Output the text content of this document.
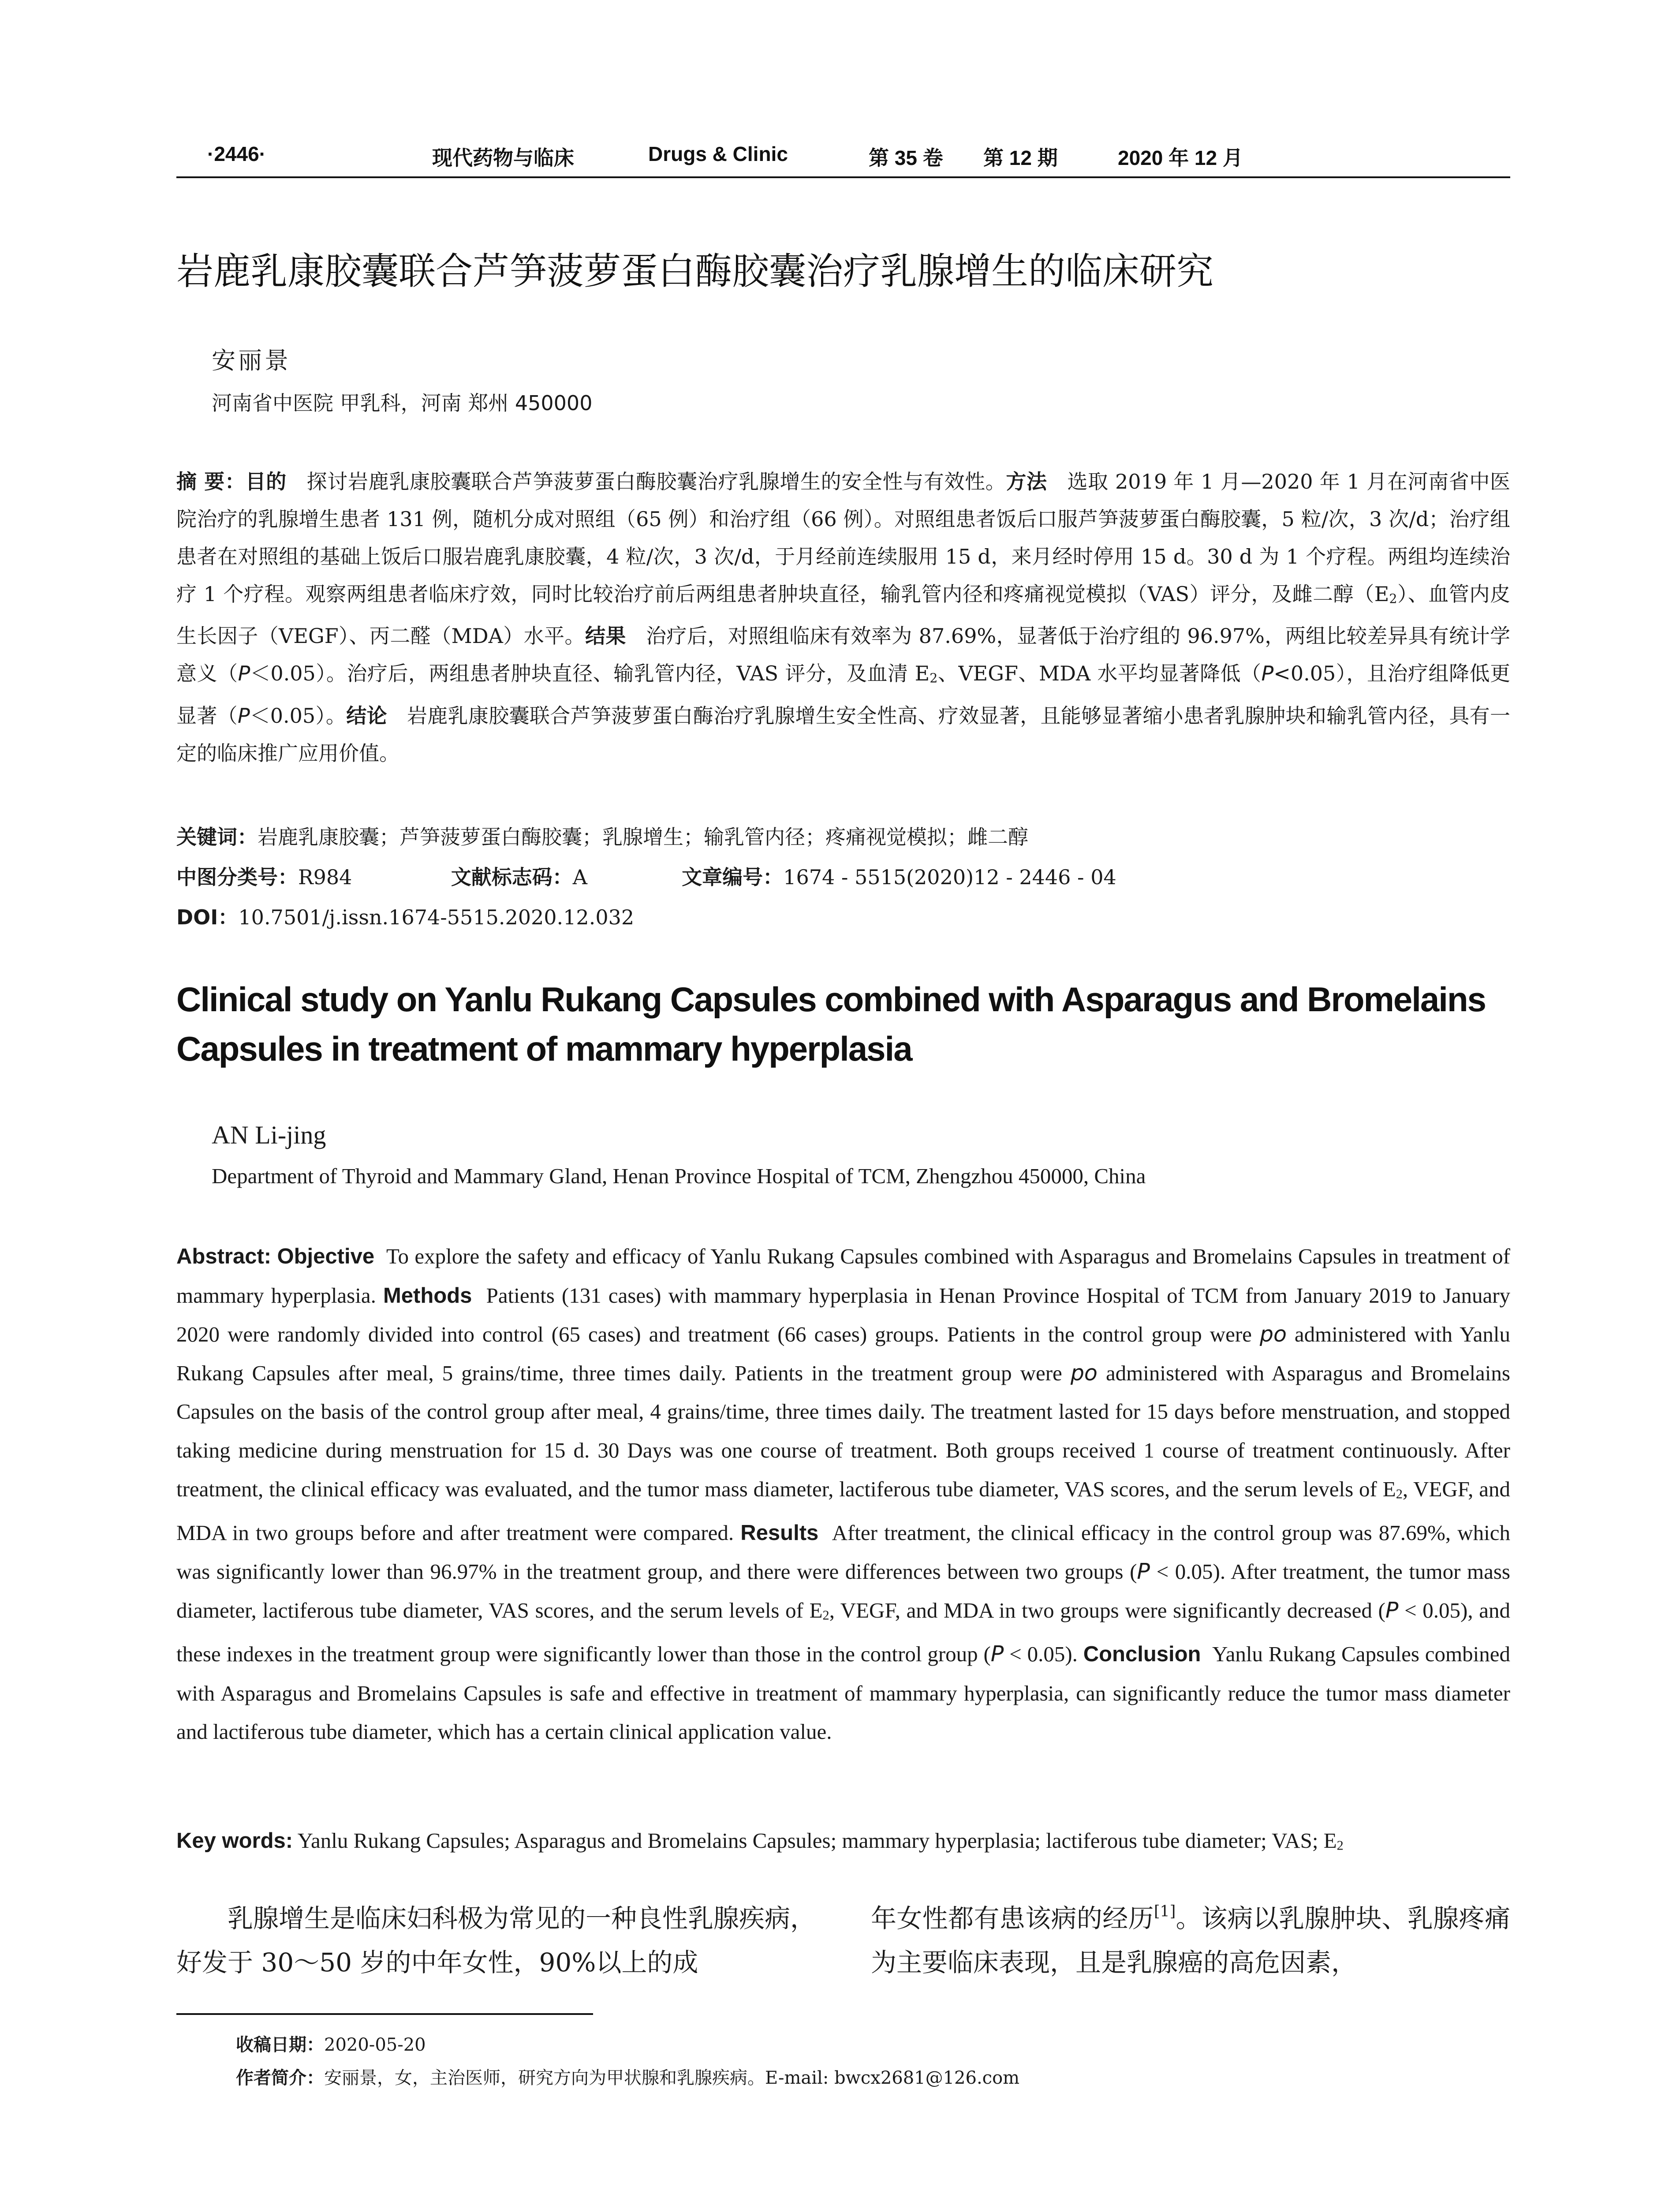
·2446·	现代药物与临床	Drugs & Clinic	第 35 卷 第 12 期	2020 年 12 月
岩鹿乳康胶囊联合芦笋菠萝蛋白酶胶囊治疗乳腺增生的临床研究
安丽景
河南省中医院 甲乳科，河南 郑州 450000
摘 要：目的 探讨岩鹿乳康胶囊联合芦笋菠萝蛋白酶胶囊治疗乳腺增生的安全性与有效性。方法 选取 2019 年 1 月—2020 年 1 月在河南省中医院治疗的乳腺增生患者 131 例，随机分成对照组（65 例）和治疗组（66 例）。对照组患者饭后口服芦笋菠萝蛋白酶胶囊，5 粒/次，3 次/d；治疗组患者在对照组的基础上饭后口服岩鹿乳康胶囊，4 粒/次，3 次/d，于月经前连续服用 15 d，来月经时停用 15 d。30 d 为 1 个疗程。两组均连续治疗 1 个疗程。观察两组患者临床疗效，同时比较治疗前后两组患者肿块直径，输乳管内径和疼痛视觉模拟（VAS）评分，及雌二醇$(E_2)$、血管内皮生长因子（VEGF）、丙二醛（MDA）水平。结果 治疗后，对照组临床有效率为 87.69%，显著低于治疗组的 96.97%，两组比较差异具有统计学意义（P＜0.05）。治疗后，两组患者肿块直径、输乳管内径，VAS 评分，及血清 $E_2$、VEGF、MDA 水平均显著降低（P<0.05），且治疗组降低更显著（P＜0.05）。结论 岩鹿乳康胶囊联合芦笋菠萝蛋白酶治疗乳腺增生安全性高、疗效显著，且能够显著缩小患者乳腺肿块和输乳管内径，具有一定的临床推广应用价值。
关键词：岩鹿乳康胶囊；芦笋菠萝蛋白酶胶囊；乳腺增生；输乳管内径；疼痛视觉模拟；雌二醇
中图分类号：R984	文献标志码：A	文章编号：1674 - 5515(2020)12 - 2446 - 04
DOI：10.7501/j.issn.1674-5515.2020.12.032
Clinical study on Yanlu Rukang Capsules combined with Asparagus and Bromelains Capsules in treatment of mammary hyperplasia
AN Li-jing
Department of Thyroid and Mammary Gland, Henan Province Hospital of TCM, Zhengzhou 450000, China
Abstract: Objective To explore the safety and efficacy of Yanlu Rukang Capsules combined with Asparagus and Bromelains Capsules in treatment of mammary hyperplasia. Methods Patients (131 cases) with mammary hyperplasia in Henan Province Hospital of TCM from January 2019 to January 2020 were randomly divided into control (65 cases) and treatment (66 cases) groups. Patients in the control group were po administered with Yanlu Rukang Capsules after meal, 5 grains/time, three times daily. Patients in the treatment group were po administered with Asparagus and Bromelains Capsules on the basis of the control group after meal, 4 grains/time, three times daily. The treatment lasted for 15 days before menstruation, and stopped taking medicine during menstruation for 15 d. 30 Days was one course of treatment. Both groups received 1 course of treatment continuously. After treatment, the clinical efficacy was evaluated, and the tumor mass diameter, lactiferous tube diameter, VAS scores, and the serum levels of $E_2$, VEGF, and MDA in two groups before and after treatment were compared. Results After treatment, the clinical efficacy in the control group was 87.69%, which was significantly lower than 96.97% in the treatment group, and there were differences between two groups (P < 0.05). After treatment, the tumor mass diameter, lactiferous tube diameter, VAS scores, and the serum levels of $E_2$, VEGF, and MDA in two groups were significantly decreased (P < 0.05), and these indexes in the treatment group were significantly lower than those in the control group (P < 0.05). Conclusion Yanlu Rukang Capsules combined with Asparagus and Bromelains Capsules is safe and effective in treatment of mammary hyperplasia, can significantly reduce the tumor mass diameter and lactiferous tube diameter, which has a certain clinical application value.
Key words: Yanlu Rukang Capsules; Asparagus and Bromelains Capsules; mammary hyperplasia; lactiferous tube diameter; VAS; $E_2$
乳腺增生是临床妇科极为常见的一种良性乳腺疾病，好发于 30～50 岁的中年女性，90%以上的成
年女性都有患该病的经历[1]。该病以乳腺肿块、乳腺疼痛为主要临床表现，且是乳腺癌的高危因素，
收稿日期：2020-05-20
作者简介：安丽景，女，主治医师，研究方向为甲状腺和乳腺疾病。E-mail: bwcx2681@126.com
